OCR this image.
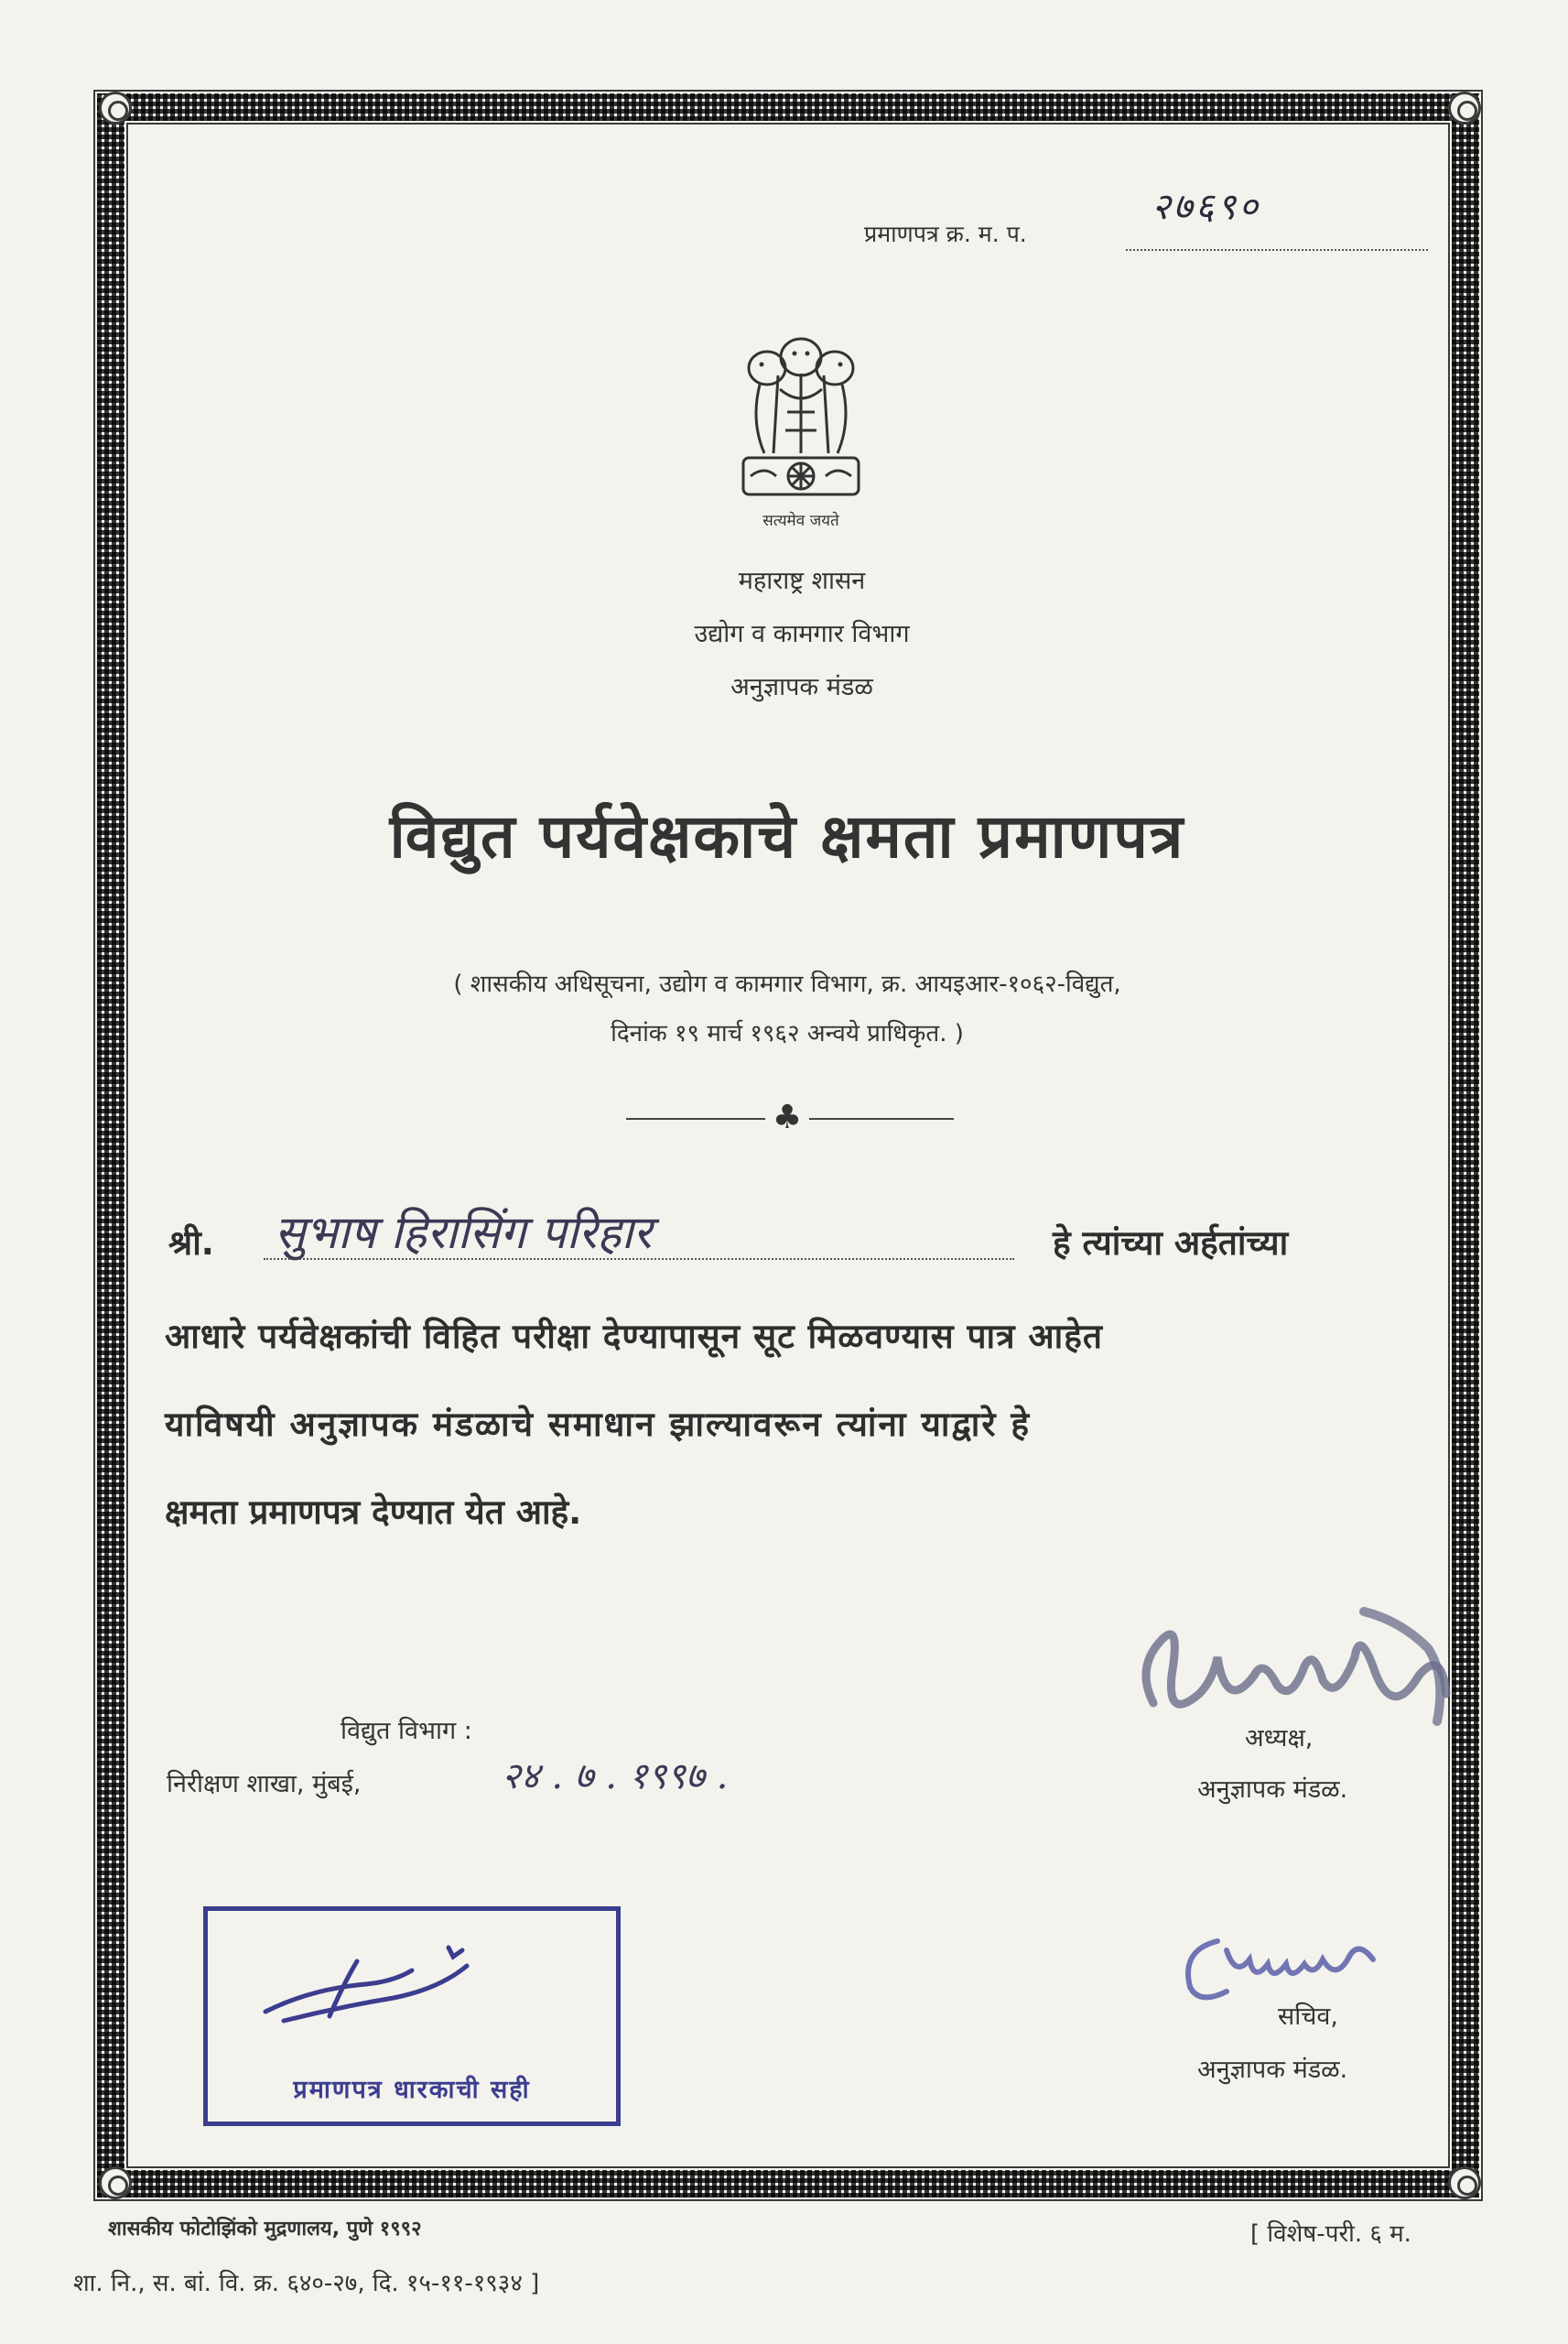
प्रमाणपत्र क्र. म. प.
२७६९०
सत्यमेव जयते
महाराष्ट्र शासन
उद्योग व कामगार विभाग
अनुज्ञापक मंडळ
विद्युत पर्यवेक्षकाचे क्षमता प्रमाणपत्र
( शासकीय अधिसूचना, उद्योग व कामगार विभाग, क्र. आयइआर-१०६२-विद्युत,
दिनांक १९ मार्च १९६२ अन्वये प्राधिकृत. )
♣
श्री. सुभाष हिरासिंग परिहार	हे त्यांच्या अर्हतांच्या
आधारे पर्यवेक्षकांची विहित परीक्षा देण्यापासून सूट मिळवण्यास पात्र आहेत
याविषयी अनुज्ञापक मंडळाचे समाधान झाल्यावरून त्यांना याद्वारे हे
क्षमता प्रमाणपत्र देण्यात येत आहे.
अध्यक्ष,
अनुज्ञापक मंडळ.
विद्युत विभाग :
निरीक्षण शाखा, मुंबई,	२४ . ७ . १९९७ .
सचिव,
अनुज्ञापक मंडळ.
प्रमाणपत्र धारकाची सही
शासकीय फोटोझिंको मुद्रणालय, पुणे १९९२
शा. नि., स. बां. वि. क्र. ६४०-२७, दि. १५-११-१९३४ ]
[ विशेष-परी. ६ म.
